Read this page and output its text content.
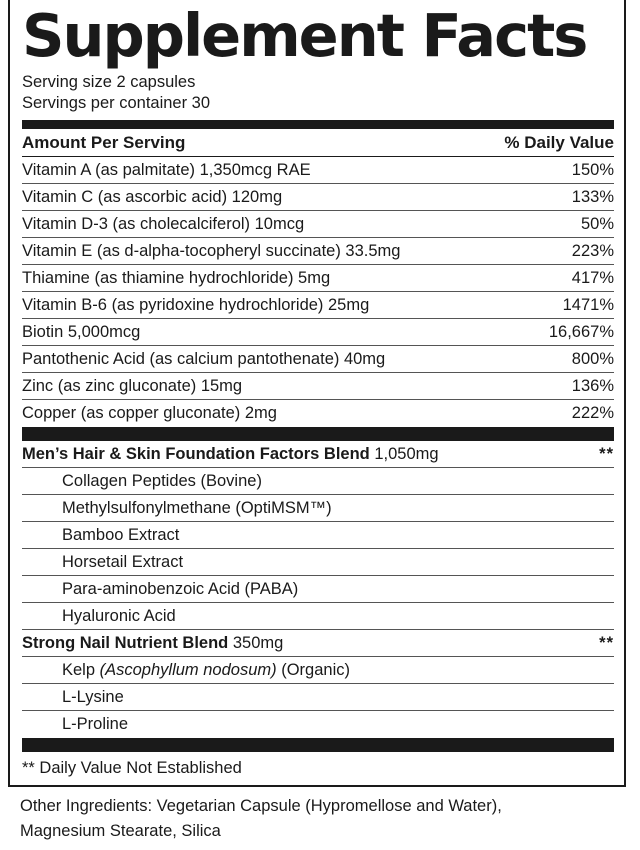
Supplement Facts
Serving size 2 capsules
Servings per container 30
Amount Per Serving	% Daily Value
Vitamin A (as palmitate) 1,350mcg RAE	150%
Vitamin C (as ascorbic acid) 120mg	133%
Vitamin D-3 (as cholecalciferol) 10mcg	50%
Vitamin E (as d-alpha-tocopheryl succinate) 33.5mg	223%
Thiamine (as thiamine hydrochloride) 5mg	417%
Vitamin B-6 (as pyridoxine hydrochloride) 25mg	1471%
Biotin 5,000mcg	16,667%
Pantothenic Acid (as calcium pantothenate) 40mg	800%
Zinc (as zinc gluconate) 15mg	136%
Copper (as copper gluconate) 2mg	222%
Men’s Hair & Skin Foundation Factors Blend 1,050mg	**
Collagen Peptides (Bovine)
Methylsulfonylmethane (OptiMSM™)
Bamboo Extract
Horsetail Extract
Para-aminobenzoic Acid (PABA)
Hyaluronic Acid
Strong Nail Nutrient Blend 350mg	**
Kelp (Ascophyllum nodosum) (Organic)
L-Lysine
L-Proline
** Daily Value Not Established
Other Ingredients: Vegetarian Capsule (Hypromellose and Water),
Magnesium Stearate, Silica
